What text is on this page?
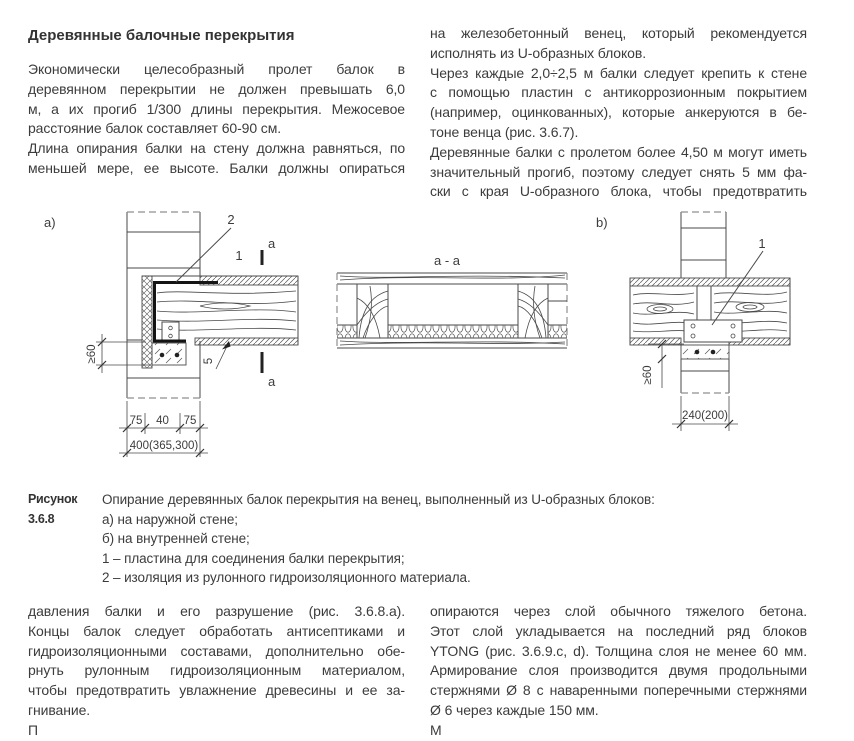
Деревянные балочные перекрытия
Экономически целесобразный пролет балок в
деревянном перекрытии не должен превышать 6,0
м, а их прогиб 1/300 длины перекрытия. Межосевое
расстояние балок составляет 60-90 см.
Длина опирания балки на стену должна равняться, по
меньшей мере, ее высоте. Балки должны опираться
на железобетонный венец, который рекомендуется
исполнять из U-образных блоков.
Через каждые 2,0÷2,5 м балки следует крепить к стене
с помощью пластин с антикоррозионным покрытием
(например, оцинкованных), которые анкеруются в бе-
тоне венца (рис. 3.6.7).
Деревянные балки с пролетом более 4,50 м могут иметь
значительный прогиб, поэтому следует снять 5 мм фа-
ски с края U-образного блока, чтобы предотвратить
a)	2
1
a
a
≥60	5
75 40 75
400(365,300)
a - a
b)
1
≥60
240(200)
Рисунок 3.6.8
Опирание деревянных балок перекрытия на венец, выполненный из U-образных блоков:
а) на наружной стене;
б) на внутренней стене;
1 – пластина для соединения балки перекрытия;
2 – изоляция из рулонного гидроизоляционного материала.
давления балки и его разрушение (рис. 3.6.8.а).
Концы балок следует обработать антисептиками и
гидроизоляционными составами, дополнительно обе-
рнуть рулонным гидроизоляционным материалом,
чтобы предотвратить увлажнение древесины и ее за-
гнивание.
П
опираются через слой обычного тяжелого бетона.
Этот слой укладывается на последний ряд блоков
YTONG (рис. 3.6.9.c, d). Толщина слоя не менее 60 мм.
Армирование слоя производится двумя продольными
стержнями Ø 8 с наваренными поперечными стержнями
Ø 6 через каждые 150 мм.
М
